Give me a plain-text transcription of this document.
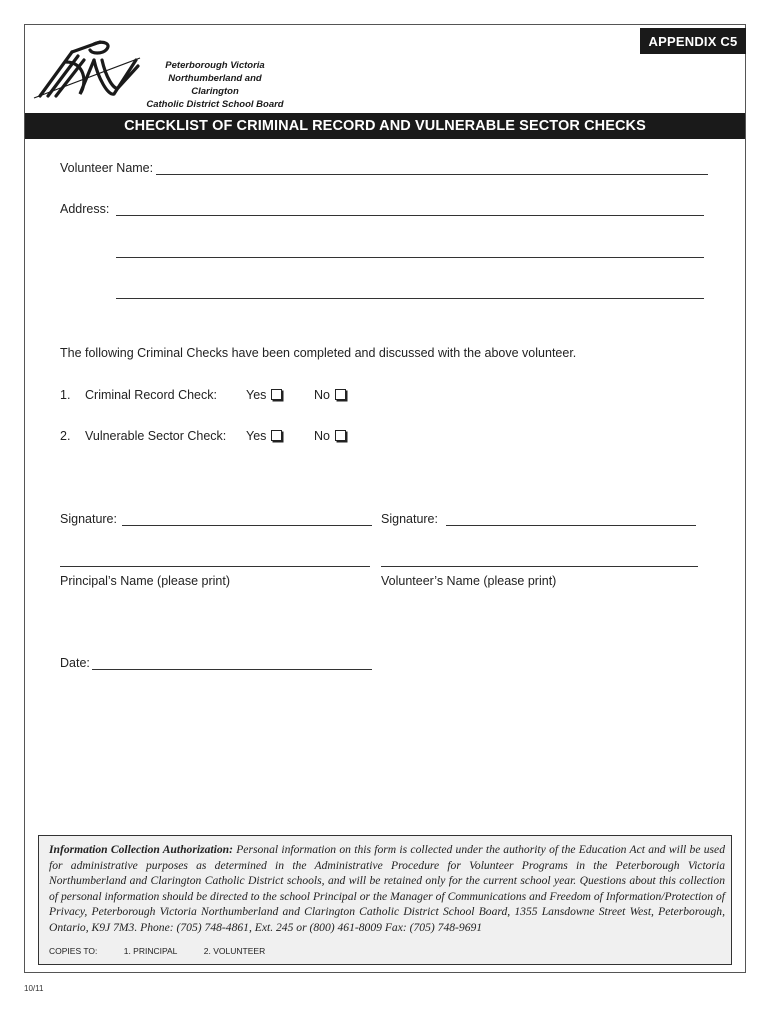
APPENDIX C5
Peterborough Victoria
Northumberland and Clarington
Catholic District School Board
CHECKLIST OF CRIMINAL RECORD AND VULNERABLE SECTOR CHECKS
Volunteer Name:
Address:
The following Criminal Checks have been completed and discussed with the above volunteer.
1. Criminal Record Check: Yes	No
2. Vulnerable Sector Check: Yes	No
Signature:	Signature:
Principal’s Name (please print)	Volunteer’s Name (please print)
Date:
Information Collection Authorization: Personal information on this form is collected under the authority of the Education Act and will be used for administrative purposes as determined in the Administrative Procedure for Volunteer Programs in the Peterborough Victoria Northumberland and Clarington Catholic District schools, and will be retained only for the current school year. Questions about this collection of personal information should be directed to the school Principal or the Manager of Communications and Freedom of Information/Protection of Privacy, Peterborough Victoria Northumberland and Clarington Catholic District School Board, 1355 Lansdowne Street West, Peterborough, Ontario, K9J 7M3. Phone: (705) 748-4861, Ext. 245 or (800) 461-8009 Fax: (705) 748-9691
COPIES TO:	1. PRINCIPAL	2. VOLUNTEER
10/11
